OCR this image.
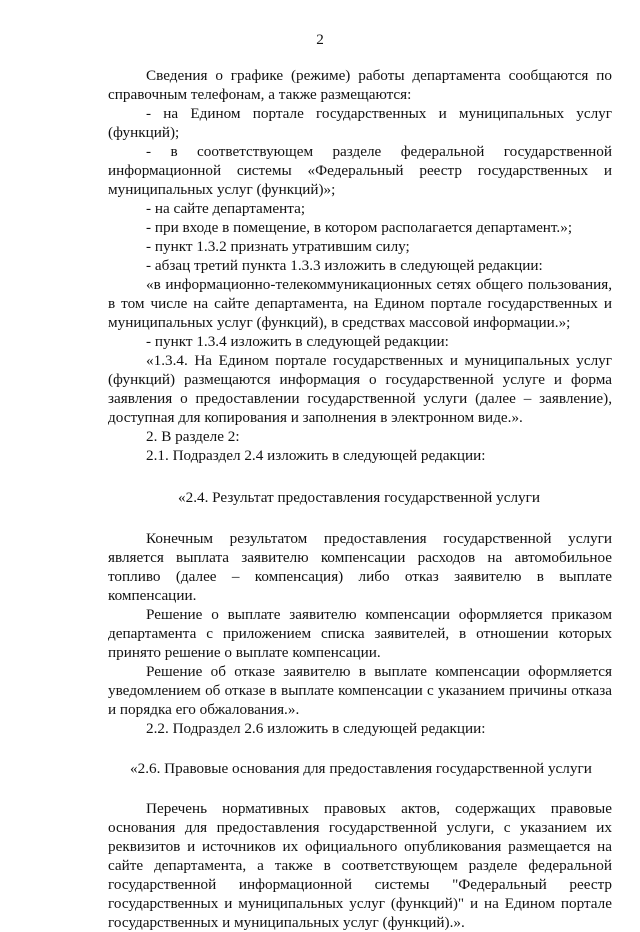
2

Сведения о графике (режиме) работы департамента сообщаются по справочным телефонам, а также размещаются:

- на Едином портале государственных и муниципальных услуг (функций);

- в соответствующем разделе федеральной государственной информационной системы «Федеральный реестр государственных и муниципальных услуг (функций)»;

- на сайте департамента;

- при входе в помещение, в котором располагается департамент.»;

- пункт 1.3.2 признать утратившим силу;

- абзац третий пункта 1.3.3 изложить в следующей редакции:

«в информационно-телекоммуникационных сетях общего пользования, в том числе на сайте департамента, на Едином портале государственных и муниципальных услуг (функций), в средствах массовой информации.»;

- пункт 1.3.4 изложить в следующей редакции:

«1.3.4. На Едином портале государственных и муниципальных услуг (функций) размещаются информация о государственной услуге и форма заявления о предоставлении государственной услуги (далее – заявление), доступная для копирования и заполнения в электронном виде.».

2. В разделе 2:

2.1. Подраздел 2.4 изложить в следующей редакции:

«2.4. Результат предоставления государственной услуги

Конечным результатом предоставления государственной услуги является выплата заявителю компенсации расходов на автомобильное топливо (далее – компенсация) либо отказ заявителю в выплате компенсации.

Решение о выплате заявителю компенсации оформляется приказом департамента с приложением списка заявителей, в отношении которых принято решение о выплате компенсации.

Решение об отказе заявителю в выплате компенсации оформляется уведомлением об отказе в выплате компенсации с указанием причины отказа и порядка его обжалования.».

2.2. Подраздел 2.6 изложить в следующей редакции:

«2.6. Правовые основания для предоставления государственной услуги

Перечень нормативных правовых актов, содержащих правовые основания для предоставления государственной услуги, с указанием их реквизитов и источников их официального опубликования размещается на сайте департамента, а также в соответствующем разделе федеральной государственной информационной системы "Федеральный реестр государственных и муниципальных услуг (функций)" и на Едином портале государственных и муниципальных услуг (функций).».
